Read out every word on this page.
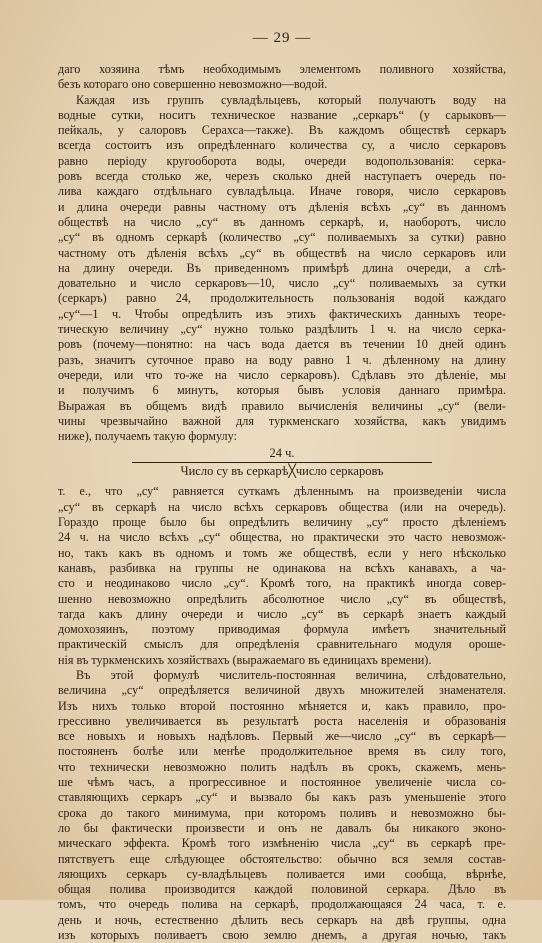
— 29 —
даго хозяина тѣмъ необходимымъ элементомъ поливного хозяйства,
безъ котораго оно совершенно невозможно—водой.
Каждая изъ группъ сувладѣльцевъ, который получаютъ воду на
водные сутки, носитъ техническое название „серкаръ“ (у сарыковъ—
пейкаль, у салоровъ Серахса—также). Въ каждомъ обществѣ серкаръ
всегда состоитъ изъ опредѣленнаго количества су, а число серкаровъ
равно періоду кругооборота воды, очереди водопользованія: серка-
ровъ всегда столько же, черезъ сколько дней наступаетъ очередь по-
лива каждаго отдѣльнаго сувладѣльца. Иначе говоря, число серкаровъ
и длина очереди равны частному отъ дѣленія всѣхъ „су“ въ данномъ
обществѣ на число „су“ въ данномъ серкарѣ, и, наоборотъ, число
„су“ въ одномъ серкарѣ (количество „су“ поливаемыхъ за сутки) равно
частному отъ дѣленія всѣхъ „су“ въ обществѣ на число серкаровъ или
на длину очереди. Въ приведенномъ примѣрѣ длина очереди, а слѣ-
довательно и число серкаровъ—10, число „су“ поливаемыхъ за сутки
(серкаръ) равно 24, продолжительность пользованія водой каждаго
„су“—1 ч. Чтобы опредѣлить изъ этихъ фактическихъ данныхъ теоре-
тическую величину „су“ нужно только раздѣлить 1 ч. на число серка-
ровъ (почему—понятно: на часъ вода дается въ течении 10 дней одинъ
разъ, значитъ суточное право на воду равно 1 ч. дѣленному на длину
очереди, или что то-же на число серкаровъ). Сдѣлавъ это дѣленіе, мы
и получимъ 6 минутъ, которыя бывъ условія даннаго примѣра.
Выражая въ общемъ видѣ правило вычисленія величины „су“ (вели-
чины чрезвычайно важной для туркменскаго хозяйства, какъ увидимъ
ниже), получаемъ такую формулу:
24 ч.
Число су въ серкарѣ╳число серкаровъ
т. е., что „су“ равняется суткамъ дѣленнымъ на произведеніи числа
„су“ въ серкарѣ на число всѣхъ серкаровъ общества (или на очередь).
Гораздо проще было бы опредѣлить величину „су“ просто дѣленіемъ
24 ч. на число всѣхъ „су“ общества, но практически это часто невозмож-
но, такъ какъ въ одномъ и томъ же обществѣ, если у него нѣсколько
канавъ, разбивка на группы не одинакова на всѣхъ канавахъ, а ча-
сто и неодинаково число „су“. Кромѣ того, на практикѣ иногда совер-
шенно невозможно опредѣлить абсолютное число „су“ въ обществѣ,
тагда какъ длину очереди и число „су“ въ серкарѣ знаетъ каждый
домохозяинъ, поэтому приводимая формула имѣетъ значительный
практическій смыслъ для опредѣленія сравнительнаго модуля ороше-
нія въ туркменскихъ хозяйствахъ (выражаемаго въ единицахъ времени).
Въ этой формулѣ числитель-постоянная величина, слѣдовательно,
величина „су“ опредѣляется величиной двухъ множителей знаменателя.
Изъ нихъ только второй постоянно мѣняется и, какъ правило, про-
грессивно увеличивается въ результатѣ роста населенія и образованія
все новыхъ и новыхъ надѣловъ. Первый же—число „су“ въ серкарѣ—
постояненъ болѣе или менѣе продолжительное время въ силу того,
что технически невозможно полить надѣлъ въ срокъ, скажемъ, мень-
ше чѣмъ часъ, а прогрессивное и постоянное увеличеніе числа со-
ставляющихъ серкаръ „су“ и вызвало бы какъ разъ уменьшеніе этого
срока до такого минимума, при которомъ поливъ и невозможно бы-
ло бы фактически произвести и онъ не давалъ бы никакого эконо-
мическаго эффекта. Кромѣ того измѣненію числа „су“ въ серкарѣ пре-
пятствуетъ еще слѣдующее обстоятельство: обычно вся земля состав-
ляющихъ серкаръ су-владѣльцевъ поливается ими сообща, вѣрнѣе,
общая полива производится каждой половиной серкара. Дѣло въ
томъ, что очередь полива на серкарѣ, продолжающаяся 24 часа, т. е.
день и ночь, естественно дѣлить весь серкаръ на двѣ группы, одна
изъ которыхъ поливаетъ свою землю днемъ, а другая ночью, такъ
